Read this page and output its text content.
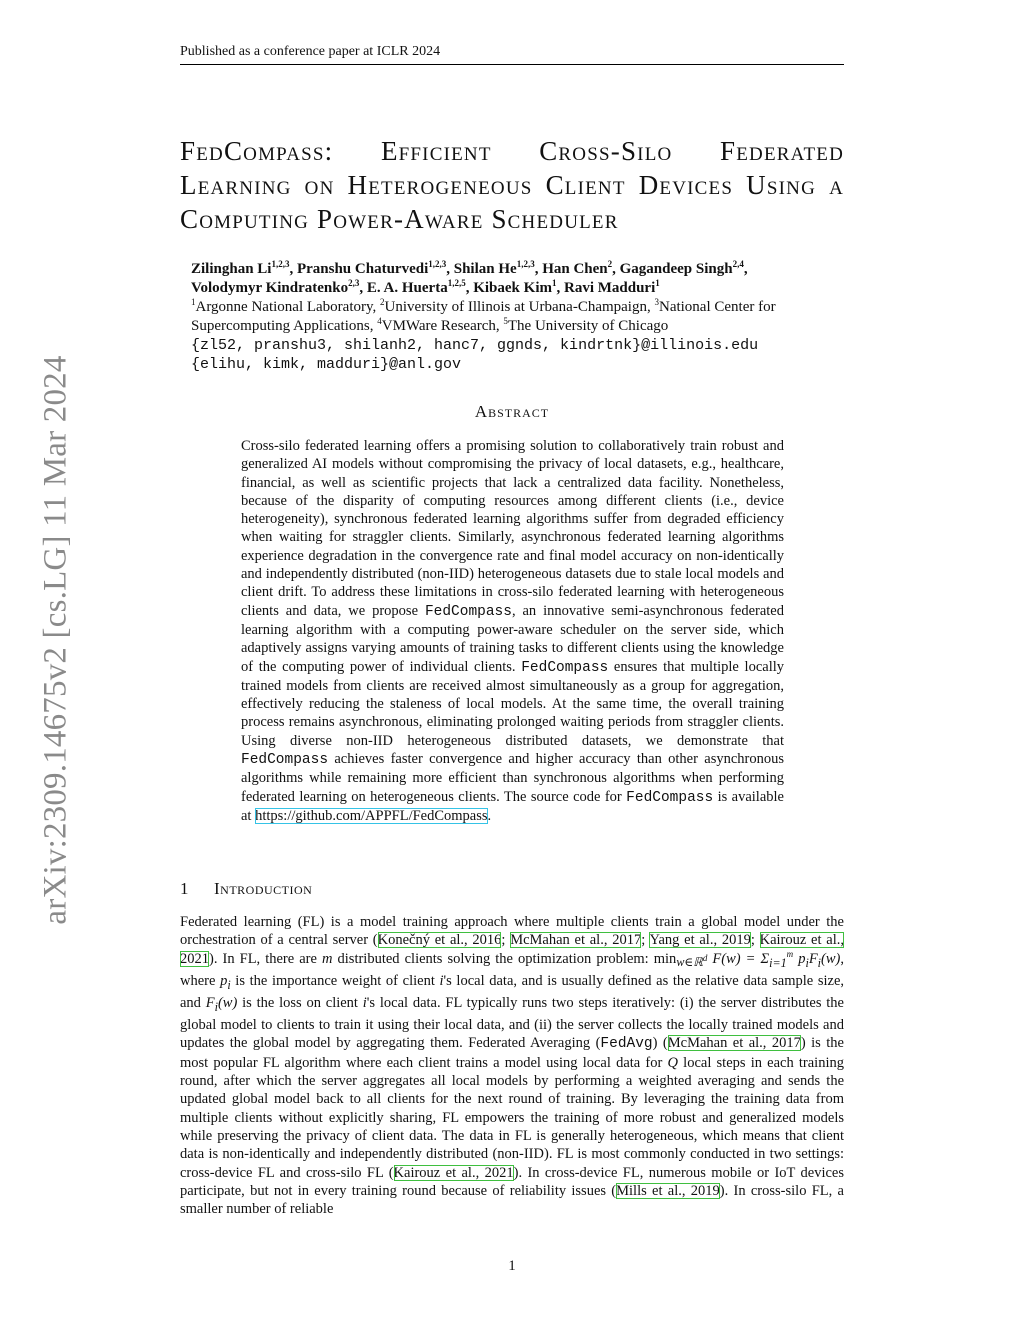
Published as a conference paper at ICLR 2024
arXiv:2309.14675v2 [cs.LG] 11 Mar 2024
FedCompass: Efficient Cross-Silo Federated Learning on Heterogeneous Client Devices Using a Computing Power-Aware Scheduler
Zilinghan Li$^{1,2,3}$, Pranshu Chaturvedi$^{1,2,3}$, Shilan He$^{1,2,3}$, Han Chen$^2$, Gagandeep Singh$^{2,4}$,
Volodymyr Kindratenko$^{2,3}$, E. A. Huerta$^{1,2,5}$, Kibaek Kim$^1$, Ravi Madduri$^1$
$^1$Argonne National Laboratory, $^2$University of Illinois at Urbana-Champaign, $^3$National Center for Supercomputing Applications, $^4$VMWare Research, $^5$The University of Chicago
{zl52, pranshu3, shilanh2, hanc7, ggnds, kindrtnk}@illinois.edu
{elihu, kimk, madduri}@anl.gov
Abstract

Cross-silo federated learning offers a promising solution to collaboratively train robust and generalized AI models without compromising the privacy of local datasets, e.g., healthcare, financial, as well as scientific projects that lack a centralized data facility. Nonetheless, because of the disparity of computing resources among different clients (i.e., device heterogeneity), synchronous federated learning algorithms suffer from degraded efficiency when waiting for straggler clients. Similarly, asynchronous federated learning algorithms experience degradation in the convergence rate and final model accuracy on non-identically and independently distributed (non-IID) heterogeneous datasets due to stale local models and client drift. To address these limitations in cross-silo federated learning with heterogeneous clients and data, we propose FedCompass, an innovative semi-asynchronous federated learning algorithm with a computing power-aware scheduler on the server side, which adaptively assigns varying amounts of training tasks to different clients using the knowledge of the computing power of individual clients. FedCompass ensures that multiple locally trained models from clients are received almost simultaneously as a group for aggregation, effectively reducing the staleness of local models. At the same time, the overall training process remains asynchronous, eliminating prolonged waiting periods from straggler clients. Using diverse non-IID heterogeneous distributed datasets, we demonstrate that FedCompass achieves faster convergence and higher accuracy than other asynchronous algorithms while remaining more efficient than synchronous algorithms when performing federated learning on heterogeneous clients. The source code for FedCompass is available at https://github.com/APPFL/FedCompass.

1 Introduction

Federated learning (FL) is a model training approach where multiple clients train a global model under the orchestration of a central server (Konečný et al., 2016; McMahan et al., 2017; Yang et al., 2019; Kairouz et al., 2021). In FL, there are m distributed clients solving the optimization problem: $\min_{w\in ℝ^d} F(w) = \Sigma_{i=1}^m$ $p_iF_i(w)$, where $p_i$ is the importance weight of client i's local data, and is usually defined as the relative data sample size, and $F_i(w)$ is the loss on client i's local data. FL typically runs two steps iteratively: (i) the server distributes the global model to clients to train it using their local data, and (ii) the server collects the locally trained models and updates the global model by aggregating them. Federated Averaging (FedAvg) (McMahan et al., 2017) is the most popular FL algorithm where each client trains a model using local data for Q local steps in each training round, after which the server aggregates all local models by performing a weighted averaging and sends the updated global model back to all clients for the next round of training. By leveraging the training data from multiple clients without explicitly sharing, FL empowers the training of more robust and generalized models while preserving the privacy of client data. The data in FL is generally heterogeneous, which means that client data is non-identically and independently distributed (non-IID). FL is most commonly conducted in two settings: cross-device FL and cross-silo FL (Kairouz et al., 2021). In cross-device FL, numerous mobile or IoT devices participate, but not in every training round because of reliability issues (Mills et al., 2019). In cross-silo FL, a smaller number of reliable

1
